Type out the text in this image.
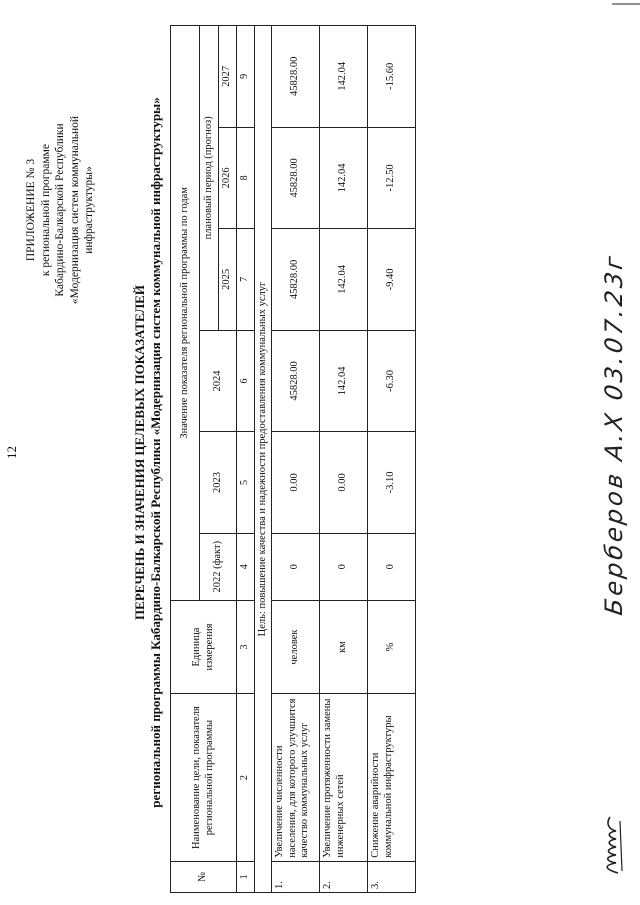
12
ПРИЛОЖЕНИЕ № 3 к региональной программе Кабардино-Балкарской Республики «Модернизация систем коммунальной инфраструктуры»
ПЕРЕЧЕНЬ И ЗНАЧЕНИЯ ЦЕЛЕВЫХ ПОКАЗАТЕЛЕЙ региональной программы Кабардино-Балкарской Республики «Модернизация систем коммунальной инфраструктуры»
№	Наименование цели, показателя региональной программы	Единица измерения	Значение показателя региональной программы по годам					
			2022 (факт)	2023	2024	плановый период (прогноз)		
						2025	2026	2027
1	2	3	4	5	6	7	8	9
Цель: повышение качества и надежности предоставления коммунальных услуг								
1.	Увеличение численности населения, для которого улучшится качество коммунальных услуг	человек	0	0.00	45828.00	45828.00	45828.00	45828.00
2.	Увеличение протяженности замены инженерных сетей	км	0	0.00	142.04	142.04	142.04	142.04
3.	Снижение аварийности коммунальной инфраструктуры	%	0	-3.10	-6.30	-9.40	-12.50	-15.60
Берберов А.Х 03.07.23г
